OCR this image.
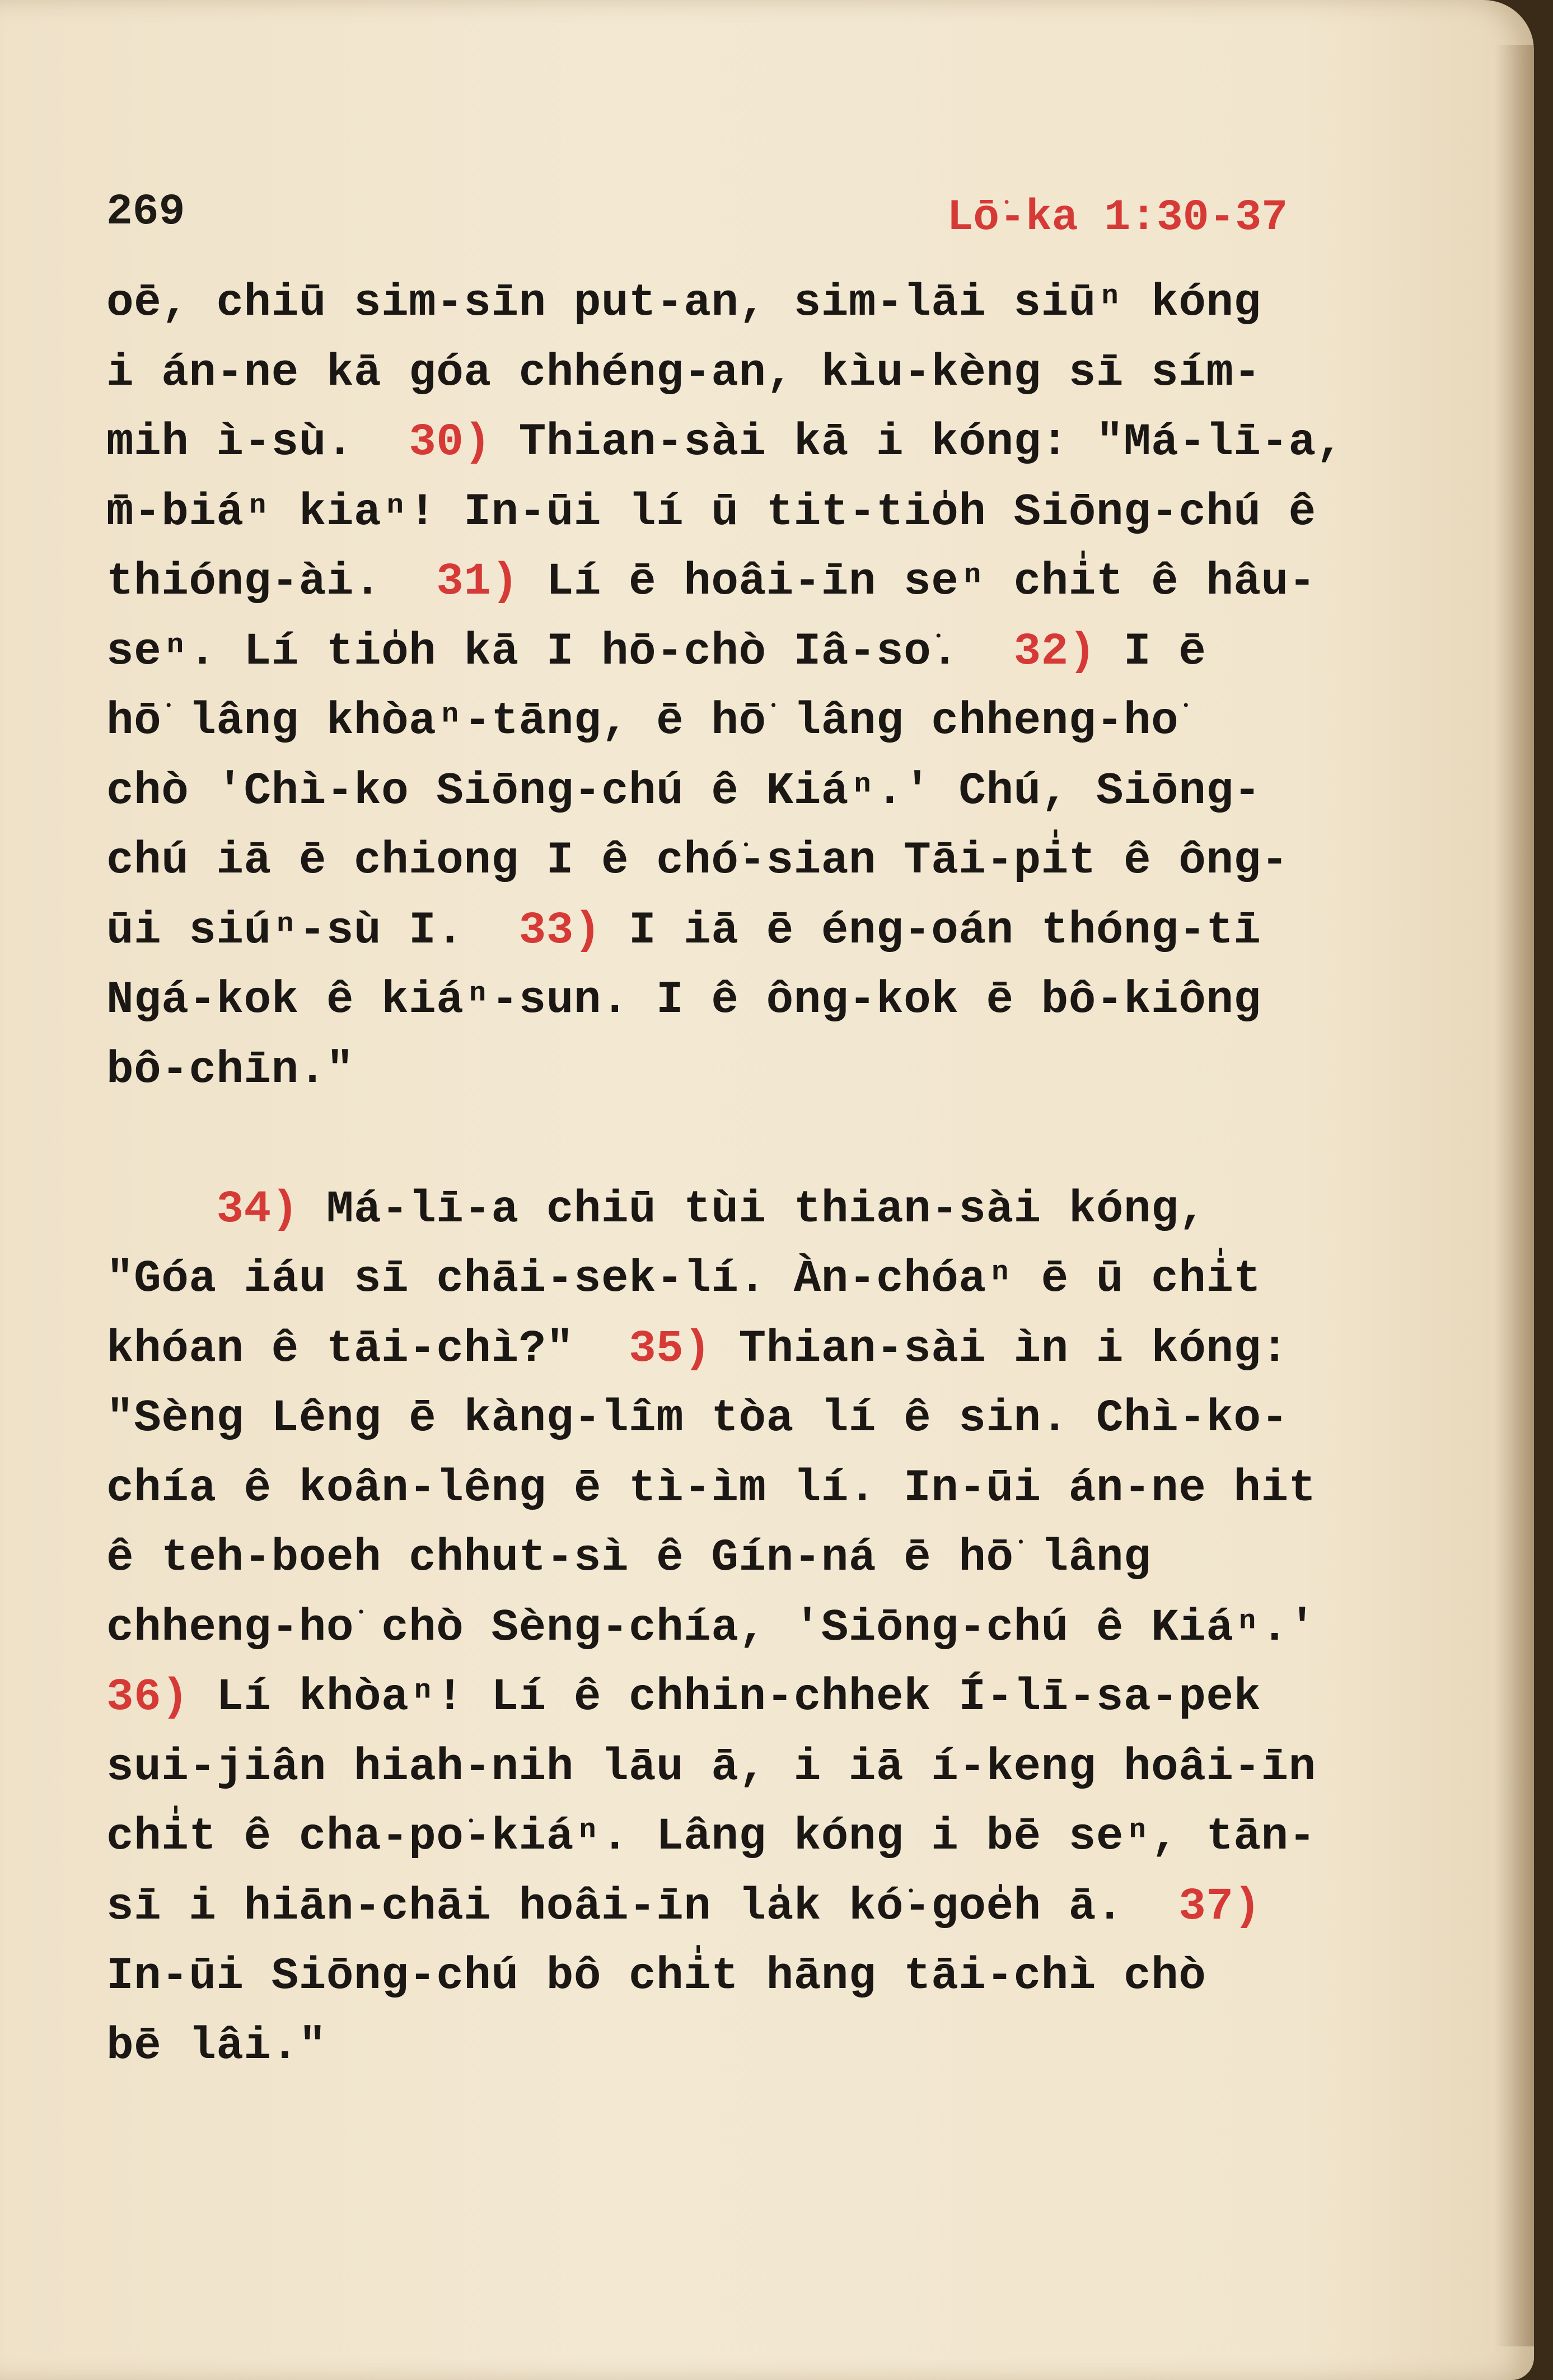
269	Lō͘-ka 1:30-37
oē, chiū sim-sīn put-an, sim-lāi siūⁿ kóng
i án-ne kā góa chhéng-an, kìu-kèng sī sím-
mih ì-sù.  30) Thian-sài kā i kóng: "Má-lī-a,
m̄-biáⁿ kiaⁿ! In-ūi lí ū tit-tio̍h Siōng-chú ê
thióng-ài.  31) Lí ē hoâi-īn seⁿ chi̍t ê hâu-
seⁿ. Lí tio̍h kā I hō-chò Iâ-so͘.  32) I ē
hō͘ lâng khòaⁿ-tāng, ē hō͘ lâng chheng-ho͘
chò 'Chì-ko Siōng-chú ê Kiáⁿ.' Chú, Siōng-
chú iā ē chiong I ê chó͘-sian Tāi-pi̍t ê ông-
ūi siúⁿ-sù I.  33) I iā ē éng-oán thóng-tī
Ngá-kok ê kiáⁿ-sun. I ê ông-kok ē bô-kiông
bô-chīn."
34) Má-lī-a chiū tùi thian-sài kóng,
"Góa iáu sī chāi-sek-lí. Àn-chóaⁿ ē ū chi̍t
khóan ê tāi-chì?"  35) Thian-sài ìn i kóng:
"Sèng Lêng ē kàng-lîm tòa lí ê sin. Chì-ko-
chía ê koân-lêng ē tì-ìm lí. In-ūi án-ne hit
ê teh-boeh chhut-sì ê Gín-ná ē hō͘ lâng
chheng-ho͘ chò Sèng-chía, 'Siōng-chú ê Kiáⁿ.'
36) Lí khòaⁿ! Lí ê chhin-chhek Í-lī-sa-pek
sui-jiân hiah-nih lāu ā, i iā í-keng hoâi-īn
chi̍t ê cha-po͘-kiáⁿ. Lâng kóng i bē seⁿ, tān-
sī i hiān-chāi hoâi-īn la̍k kó͘-goe̍h ā.  37)
In-ūi Siōng-chú bô chi̍t hāng tāi-chì chò
bē lâi."
